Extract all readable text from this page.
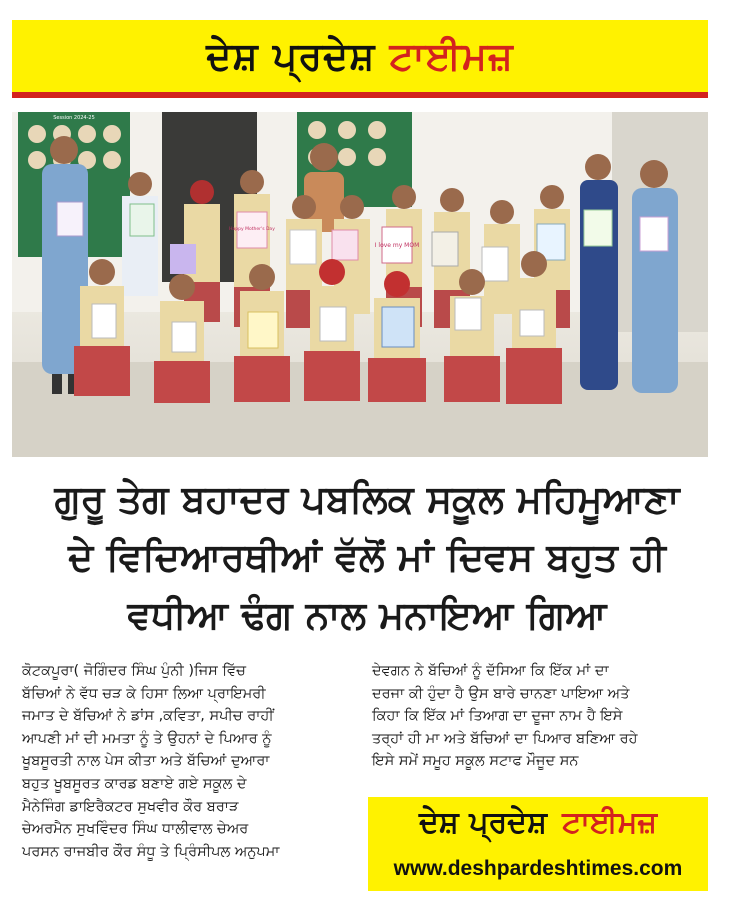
ਦੇਸ਼ ਪ੍ਰਦੇਸ਼ ਟਾਈਮਜ਼
Session 2024-25
I love my MOM
Happy Mother's Day
ਗੁਰੂ ਤੇਗ ਬਹਾਦਰ ਪਬਲਿਕ ਸਕੂਲ ਮਹਿਮੂਆਣਾ
ਦੇ ਵਿਦਿਆਰਥੀਆਂ ਵੱਲੋਂ ਮਾਂ ਦਿਵਸ ਬਹੁਤ ਹੀ
ਵਧੀਆ ਢੰਗ ਨਾਲ ਮਨਾਇਆ ਗਿਆ
ਕੋਟਕਪੂਰਾ( ਜੋਗਿੰਦਰ ਸਿੰਘ ਪੁੰਨੀ )ਜਿਸ ਵਿੱਚ
ਬੱਚਿਆਂ ਨੇ ਵੱਧ ਚੜ ਕੇ ਹਿਸਾ ਲਿਆ ਪ੍ਰਾਇਮਰੀ
ਜਮਾਤ ਦੇ ਬੱਚਿਆਂ ਨੇ ਡਾਂਸ ,ਕਵਿਤਾ, ਸਪੀਚ ਰਾਹੀਂ
ਆਪਣੀ ਮਾਂ ਦੀ ਮਮਤਾ ਨੂੰ ਤੇ ਉਹਨਾਂ ਦੇ ਪਿਆਰ ਨੂੰ
ਖੂਬਸੂਰਤੀ ਨਾਲ ਪੇਸ ਕੀਤਾ ਅਤੇ ਬੱਚਿਆਂ ਦੁਆਰਾ
ਬਹੁਤ ਖੂਬਸੂਰਤ ਕਾਰਡ ਬਣਾਏ ਗਏ ਸਕੂਲ ਦੇ
ਮੈਨੇਜਿੰਗ ਡਾਇਰੈਕਟਰ ਸੁਖਵੀਰ ਕੌਰ ਬਰਾੜ
ਚੇਅਰਮੈਨ ਸੁਖਵਿੰਦਰ ਸਿੰਘ ਧਾਲੀਵਾਲ ਚੇਅਰ
ਪਰਸਨ ਰਾਜਬੀਰ ਕੌਰ ਸੰਧੂ ਤੇ ਪ੍ਰਿੰਸੀਪਲ ਅਨੁਪਮਾ
ਦੇਵਗਨ ਨੇ ਬੱਚਿਆਂ ਨੂੰ ਦੱਸਿਆ ਕਿ ਇੱਕ ਮਾਂ ਦਾ
ਦਰਜਾ ਕੀ ਹੁੰਦਾ ਹੈ ਉਸ ਬਾਰੇ ਚਾਨਣਾ ਪਾਇਆ ਅਤੇ
ਕਿਹਾ ਕਿ ਇੱਕ ਮਾਂ ਤਿਆਗ ਦਾ ਦੂਜਾ ਨਾਮ ਹੈ ਇਸੇ
ਤਰ੍ਹਾਂ ਹੀ ਮਾ ਅਤੇ ਬੱਚਿਆਂ ਦਾ ਪਿਆਰ ਬਣਿਆ ਰਹੇ
ਇਸੇ ਸਮੇਂ ਸਮੂਹ ਸਕੂਲ ਸਟਾਫ ਮੌਜੂਦ ਸਨ
ਦੇਸ਼ ਪ੍ਰਦੇਸ਼ ਟਾਈਮਜ਼
www.deshpardeshtimes.com
